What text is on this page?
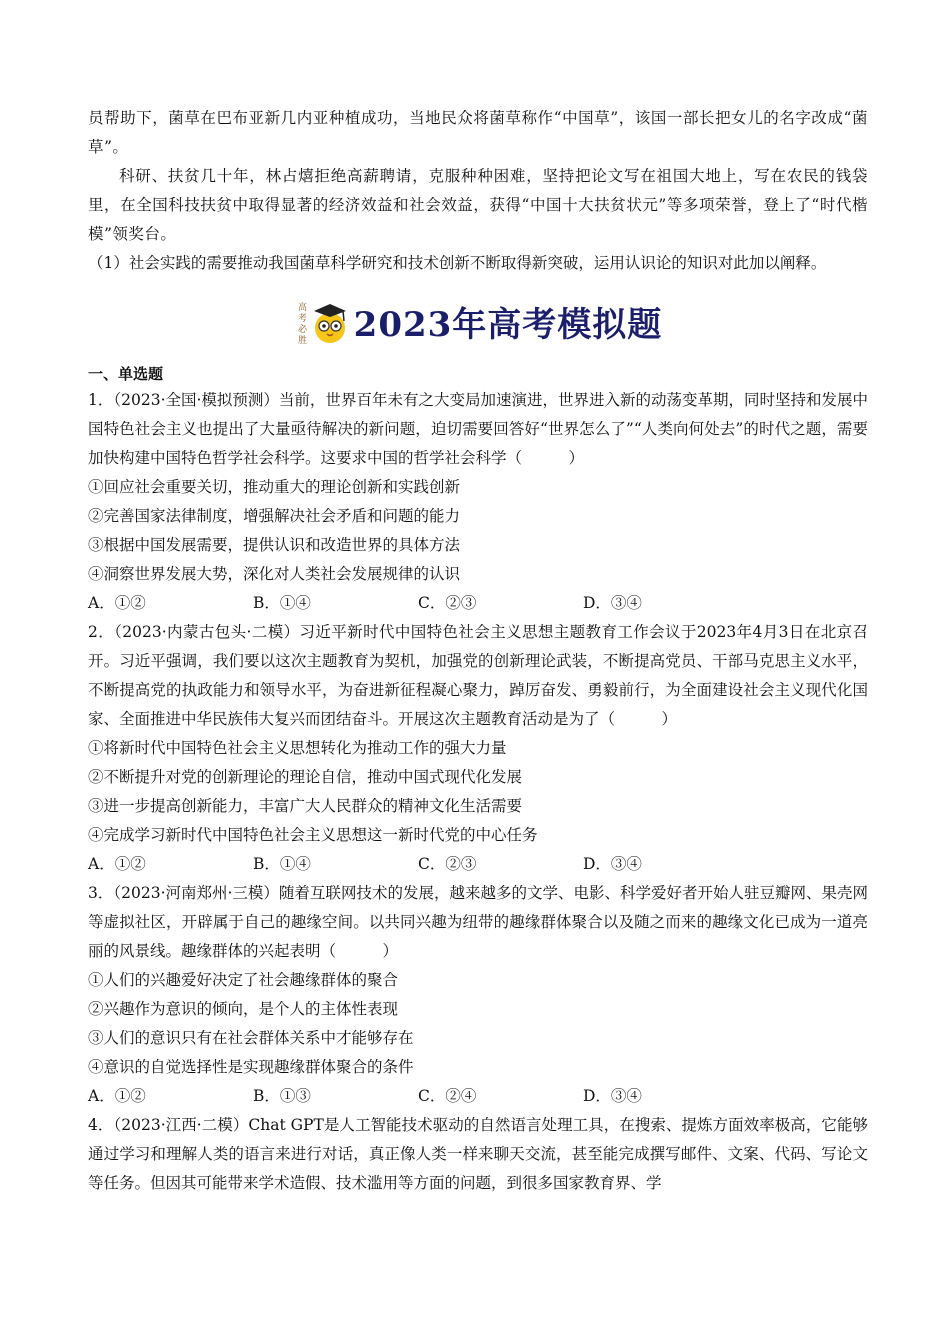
员帮助下，菌草在巴布亚新几内亚种植成功，当地民众将菌草称作“中国草”，该国一部长把女儿的名字改成“菌草”。

科研、扶贫几十年，林占熺拒绝高薪聘请，克服种种困难，坚持把论文写在祖国大地上，写在农民的钱袋里，在全国科技扶贫中取得显著的经济效益和社会效益，获得“中国十大扶贫状元”等多项荣誉，登上了“时代楷模”领奖台。

（1）社会实践的需要推动我国菌草科学研究和技术创新不断取得新突破，运用认识论的知识对此加以阐释。

高
考
必
胜 2023年高考模拟题
一、单选题

1．（2023·全国·模拟预测）当前，世界百年未有之大变局加速演进，世界进入新的动荡变革期，同时坚持和发展中国特色社会主义也提出了大量亟待解决的新问题，迫切需要回答好“世界怎么了”“人类向何处去”的时代之题，需要加快构建中国特色哲学社会科学。这要求中国的哲学社会科学（　　　）

①回应社会重要关切，推动重大的理论创新和实践创新

②完善国家法律制度，增强解决社会矛盾和问题的能力

③根据中国发展需要，提供认识和改造世界的具体方法

④洞察世界发展大势，深化对人类社会发展规律的认识

A．①②	B．①④	C．②③	D．③④

2．（2023·内蒙古包头·二模）习近平新时代中国特色社会主义思想主题教育工作会议于2023年4月3日在北京召开。习近平强调，我们要以这次主题教育为契机，加强党的创新理论武装，不断提高党员、干部马克思主义水平，不断提高党的执政能力和领导水平，为奋进新征程凝心聚力，踔厉奋发、勇毅前行，为全面建设社会主义现代化国家、全面推进中华民族伟大复兴而团结奋斗。开展这次主题教育活动是为了（　　　）

①将新时代中国特色社会主义思想转化为推动工作的强大力量

②不断提升对党的创新理论的理论自信，推动中国式现代化发展

③进一步提高创新能力，丰富广大人民群众的精神文化生活需要

④完成学习新时代中国特色社会主义思想这一新时代党的中心任务

A．①②	B．①④	C．②③	D．③④

3．（2023·河南郑州·三模）随着互联网技术的发展，越来越多的文学、电影、科学爱好者开始人驻豆瓣网、果壳网等虚拟社区，开辟属于自己的趣缘空间。以共同兴趣为纽带的趣缘群体聚合以及随之而来的趣缘文化已成为一道亮丽的风景线。趣缘群体的兴起表明（　　　）

①人们的兴趣爱好决定了社会趣缘群体的聚合

②兴趣作为意识的倾向，是个人的主体性表现

③人们的意识只有在社会群体关系中才能够存在

④意识的自觉选择性是实现趣缘群体聚合的条件

A．①②	B．①③	C．②④	D．③④

4．（2023·江西·二模）Chat GPT是人工智能技术驱动的自然语言处理工具，在搜索、提炼方面效率极高，它能够通过学习和理解人类的语言来进行对话，真正像人类一样来聊天交流，甚至能完成撰写邮件、文案、代码、写论文等任务。但因其可能带来学术造假、技术滥用等方面的问题，到很多国家教育界、学
